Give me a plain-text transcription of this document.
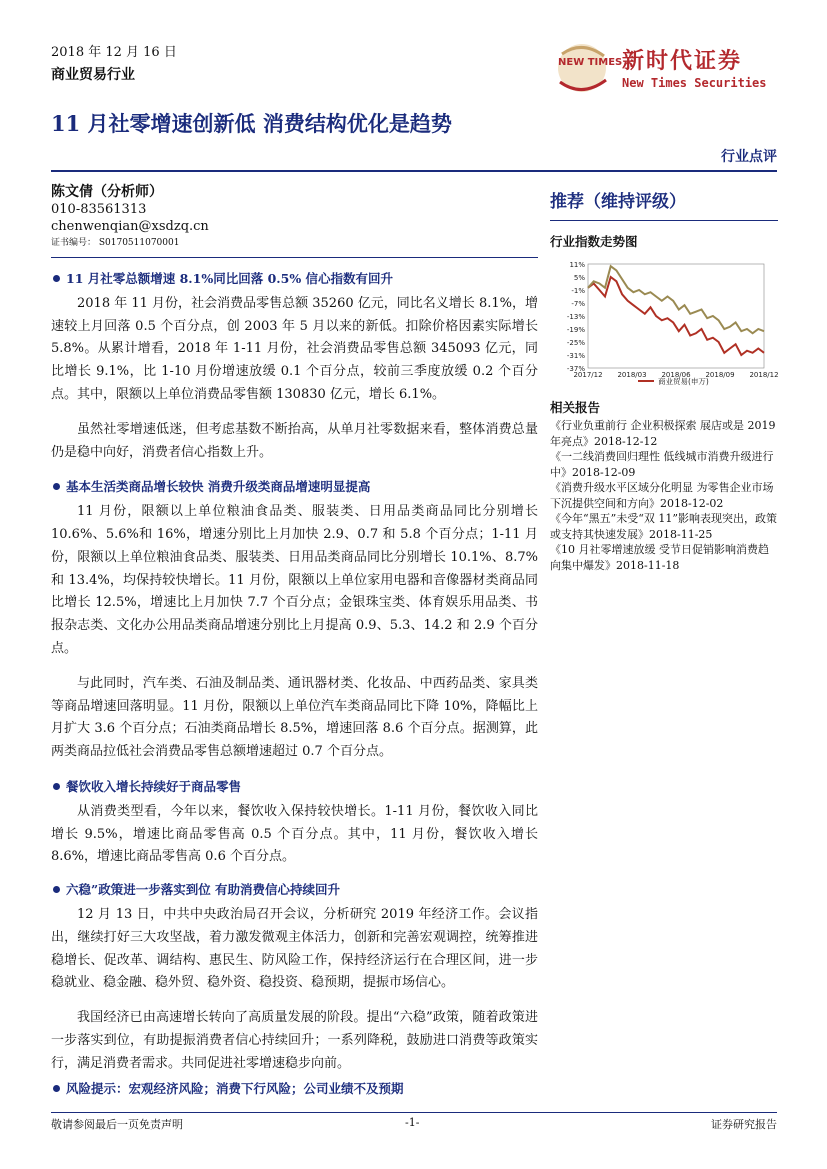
2018 年 12 月 16 日
商业贸易行业
NEW TIMES 新时代证券
New Times Securities
11 月社零增速创新低 消费结构优化是趋势
行业点评
陈文倩（分析师）
010-83561313
chenwenqian@xsdzq.cn
证书编号： S0170511070001
11 月社零总额增速 8.1%同比回落 0.5% 信心指数有回升

2018 年 11 月份，社会消费品零售总额 35260 亿元，同比名义增长 8.1%，增速较上月回落 0.5 个百分点，创 2003 年 5 月以来的新低。扣除价格因素实际增长 5.8%。从累计增看，2018 年 1-11 月份，社会消费品零售总额 345093 亿元，同比增长 9.1%，比 1-10 月份增速放缓 0.1 个百分点，较前三季度放缓 0.2 个百分点。其中，限额以上单位消费品零售额 130830 亿元，增长 6.1%。

虽然社零增速低迷，但考虑基数不断抬高，从单月社零数据来看，整体消费总量仍是稳中向好，消费者信心指数上升。

基本生活类商品增长较快 消费升级类商品增速明显提高

11 月份，限额以上单位粮油食品类、服装类、日用品类商品同比分别增长 10.6%、5.6%和 16%，增速分别比上月加快 2.9、0.7 和 5.8 个百分点；1-11 月份，限额以上单位粮油食品类、服装类、日用品类商品同比分别增长 10.1%、8.7%和 13.4%，均保持较快增长。11 月份，限额以上单位家用电器和音像器材类商品同比增长 12.5%，增速比上月加快 7.7 个百分点；金银珠宝类、体育娱乐用品类、书报杂志类、文化办公用品类商品增速分别比上月提高 0.9、5.3、14.2 和 2.9 个百分点。

与此同时，汽车类、石油及制品类、通讯器材类、化妆品、中西药品类、家具类等商品增速回落明显。11 月份，限额以上单位汽车类商品同比下降 10%，降幅比上月扩大 3.6 个百分点；石油类商品增长 8.5%，增速回落 8.6 个百分点。据测算，此两类商品拉低社会消费品零售总额增速超过 0.7 个百分点。

餐饮收入增长持续好于商品零售

从消费类型看，今年以来，餐饮收入保持较快增长。1-11 月份，餐饮收入同比增长 9.5%，增速比商品零售高 0.5 个百分点。其中，11 月份，餐饮收入增长 8.6%，增速比商品零售高 0.6 个百分点。

六稳”政策进一步落实到位 有助消费信心持续回升

12 月 13 日，中共中央政治局召开会议，分析研究 2019 年经济工作。会议指出，继续打好三大攻坚战，着力激发微观主体活力，创新和完善宏观调控，统筹推进稳增长、促改革、调结构、惠民生、防风险工作，保持经济运行在合理区间，进一步稳就业、稳金融、稳外贸、稳外资、稳投资、稳预期，提振市场信心。

我国经济已由高速增长转向了高质量发展的阶段。提出“六稳”政策，随着政策进一步落实到位，有助提振消费者信心持续回升；一系列降税，鼓励进口消费等政策实行，满足消费者需求。共同促进社零增速稳步向前。

风险提示：宏观经济风险；消费下行风险；公司业绩不及预期
推荐（维持评级）
行业指数走势图
11%
5%
-1%
-7%
-13%
-19%
-25%
-31%
-37%
2017/12 2018/03 2018/06 2018/09 2018/12
商业贸易(申万)
相关报告
《行业负重前行 企业积极探索 展店或是 2019 年亮点》2018-12-12
《一二线消费回归理性 低线城市消费升级进行中》2018-12-09
《消费升级水平区域分化明显 为零售企业市场下沉提供空间和方向》2018-12-02
《今年“黑五”未受“双 11”影响表现突出，政策或支持其快速发展》2018-11-25
《10 月社零增速放缓 受节日促销影响消费趋向集中爆发》2018-11-18
敬请参阅最后一页免责声明	-1-	证券研究报告
